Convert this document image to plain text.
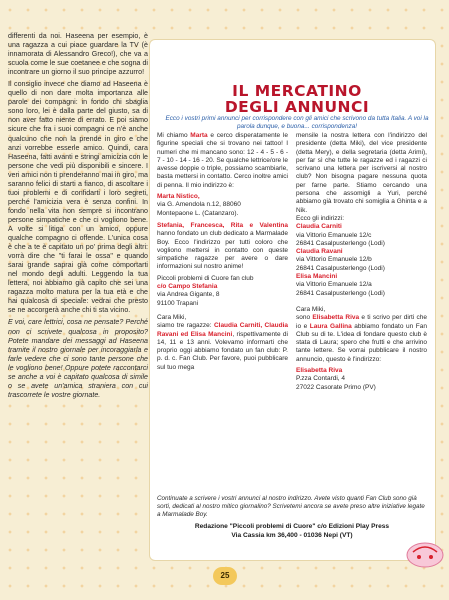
differenti da noi. Haseena per esempio, è una ragazza a cui piace guardare la TV (è innamorata di Alessandro Greco!), che va a scuola come le sue coetanee e che sogna di incontrare un giorno il suo principe azzurro!

Il consiglio invece che diamo ad Haseena è quello di non dare molta importanza alle parole dei compagni: in fondo chi sbaglia sono loro, lei è dalla parte del giusto, sa di non aver fatto niente di errato. E poi siamo sicure che fra i suoi compagni ce n'è anche qualcuno che non la prende in giro e che anzi vorrebbe esserle amico. Quindi, cara Haseena, fatti avanti e stringi amicizia con le persone che vedi più disponibili e sincere. I veri amici non ti prenderanno mai in giro, ma saranno felici di starti a fianco, di ascoltare i tuoi problemi e di confidarti i loro segreti, perché l'amicizia vera è senza confini. In fondo nella vita non sempre si incontrano persone simpatiche e che ci vogliono bene. A volte si litiga con un amico, oppure qualche compagno ci offende. L'unica cosa è che a te è capitato un po' prima degli altri: vorrà dire che "ti farai le ossa" e quando sarai grande saprai già come comportarti nel mondo degli adulti. Leggendo la tua lettera, noi abbiamo già capito che sei una ragazza molto matura per la tua età e che hai qualcosa di speciale: vedrai che presto se ne accorgerà anche chi ti sta vicino.

E voi, care lettrici, cosa ne pensate? Perché non ci scrivete qualcosa in proposito? Potete mandare dei messaggi ad Haseena tramite il nostro giornale per incoraggiarla e farle vedere che ci sono tante persone che le vogliono bene! Oppure potete raccontarci se anche a voi è capitato qualcosa di simile o se avete un'amica straniera con cui trascorrete le vostre giornate.

IL MERCATINO
DEGLI ANNUNCI
Ecco i vostri primi annunci per corrispondere con gli amici che scrivono da tutta Italia. A voi la parola dunque, e buona... corrispondenza!

Mi chiamo Marta e cerco disperatamente le figurine speciali che si trovano nei tattoo! I numeri che mi mancano sono: 12 - 4 - 5 - 6 - 7 - 10 - 14 - 16 - 20. Se qualche lettrice/ore le avesse doppie o triple, possiamo scambiarle, basta mettersi in contatto. Cerco inoltre amici di penna. Il mio indirizzo è:

Marta Nistico,
via G. Amendola n.12, 88060
Montepaone L. (Catanzaro).

Stefania, Francesca, Rita e Valentina hanno fondato un club dedicato a Marmalade Boy. Ecco l'indirizzo per tutti coloro che vogliono mettersi in contatto con queste simpatiche ragazze per avere o dare informazioni sul nostro anime!

Piccoli problemi di Cuore fan club
c/o Campo Stefania
via Andrea Gigante, 8
91100 Trapani

Cara Miki,

siamo tre ragazze: Claudia Carniti, Claudia Ravani ed Elisa Mancini, rispettivamente di 14, 11 e 13 anni. Volevamo informarti che proprio oggi abbiamo fondato un fan club: P. p. d. c. Fan Club. Per favore, puoi pubblicare sul tuo mega

mensile la nostra lettera con l'indirizzo del presidente (detta Miki), del vice presidente (detta Mery), e della segretaria (detta Arimi), per far sì che tutte le ragazze ed i ragazzi ci scrivano una lettera per iscriversi al nostro club? Non bisogna pagare nessuna quota per farne parte. Stiamo cercando una persona che assomigli a Yuri, perché abbiamo già trovato chi somiglia a Ghinta e a Nik.

Ecco gli indirizzi:

Claudia Carniti
via Vittorio Emanuele 12/c
26841 Casalpusterlengo (Lodi)

Claudia Ravani
via Vittorio Emanuele 12/b
26841 Casalpusterlengo (Lodi)

Elisa Mancini
via Vittorio Emanuele 12/a
26841 Casalpusterlengo (Lodi)

Cara Miki,

sono Elisabetta Riva e ti scrivo per dirti che io e Laura Gallina abbiamo fondato un Fan Club su di te. L'idea di fondare questo club è stata di Laura; spero che frutti e che arrivino tante lettere. Se vorrai pubblicare il nostro annuncio, questo è l'indirizzo:

Elisabetta Riva
P.zza Contardi, 4
27022 Casorate Primo (PV)

Continuate a scrivere i vostri annunci al nostro indirizzo. Avete visto quanti Fan Club sono già sorti, dedicati al nostro mitico giornalino? Scrivetemi ancora se avete preso altre iniziative legate a Marmalade Boy.
Redazione "Piccoli problemi di Cuore" c/o Edizioni Play Press
Via Cassia km 36,400 - 01036 Nepi (VT)
25
